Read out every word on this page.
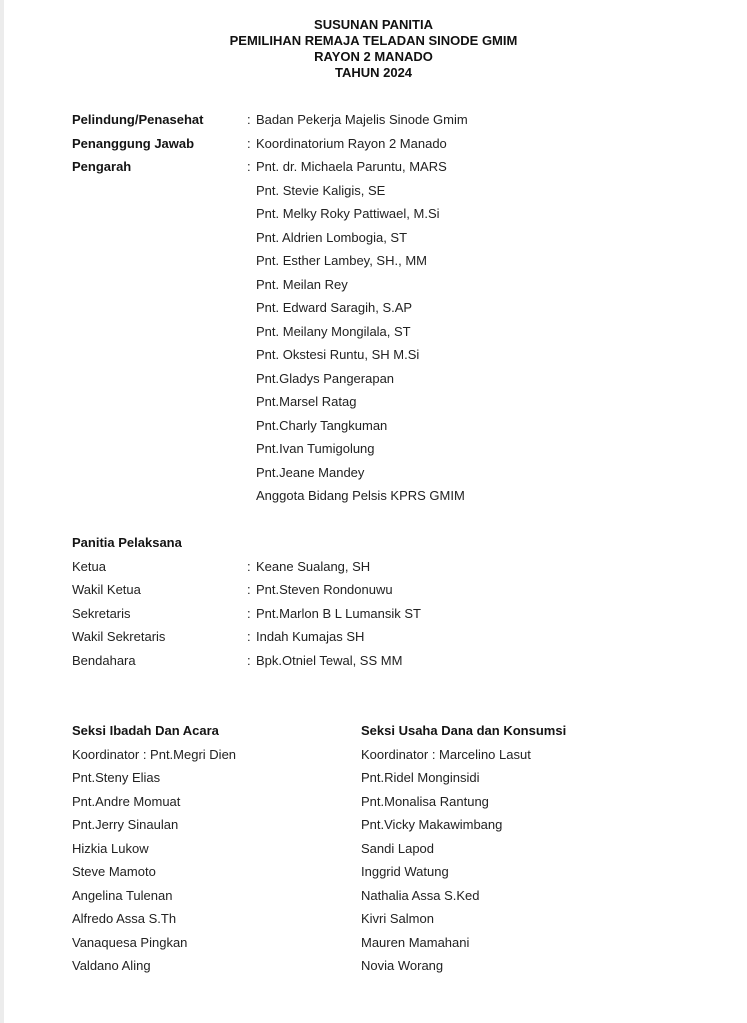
SUSUNAN PANITIA
PEMILIHAN REMAJA TELADAN SINODE GMIM
RAYON 2 MANADO
TAHUN 2024
Pelindung/Penasehat	: Badan Pekerja Majelis Sinode Gmim
Penanggung Jawab	: Koordinatorium Rayon 2 Manado
Pengarah	: Pnt. dr. Michaela Paruntu, MARS
Pnt. Stevie Kaligis, SE
Pnt. Melky Roky Pattiwael, M.Si
Pnt. Aldrien Lombogia, ST
Pnt. Esther Lambey, SH., MM
Pnt. Meilan Rey
Pnt. Edward Saragih, S.AP
Pnt. Meilany Mongilala, ST
Pnt. Okstesi Runtu, SH M.Si
Pnt.Gladys Pangerapan
Pnt.Marsel Ratag
Pnt.Charly Tangkuman
Pnt.Ivan Tumigolung
Pnt.Jeane Mandey
Anggota Bidang Pelsis KPRS GMIM
Panitia Pelaksana
Ketua	: Keane Sualang, SH
Wakil Ketua	: Pnt.Steven Rondonuwu
Sekretaris	: Pnt.Marlon B L Lumansik ST
Wakil Sekretaris	: Indah Kumajas SH
Bendahara	: Bpk.Otniel Tewal, SS MM
Seksi Ibadah Dan Acara
Koordinator : Pnt.Megri Dien
Pnt.Steny Elias
Pnt.Andre Momuat
Pnt.Jerry Sinaulan
Hizkia Lukow
Steve Mamoto
Angelina Tulenan
Alfredo Assa S.Th
Vanaquesa Pingkan
Valdano Aling
Seksi Usaha Dana dan Konsumsi
Koordinator : Marcelino Lasut
Pnt.Ridel Monginsidi
Pnt.Monalisa Rantung
Pnt.Vicky Makawimbang
Sandi Lapod
Inggrid Watung
Nathalia Assa S.Ked
Kivri Salmon
Mauren Mamahani
Novia Worang
